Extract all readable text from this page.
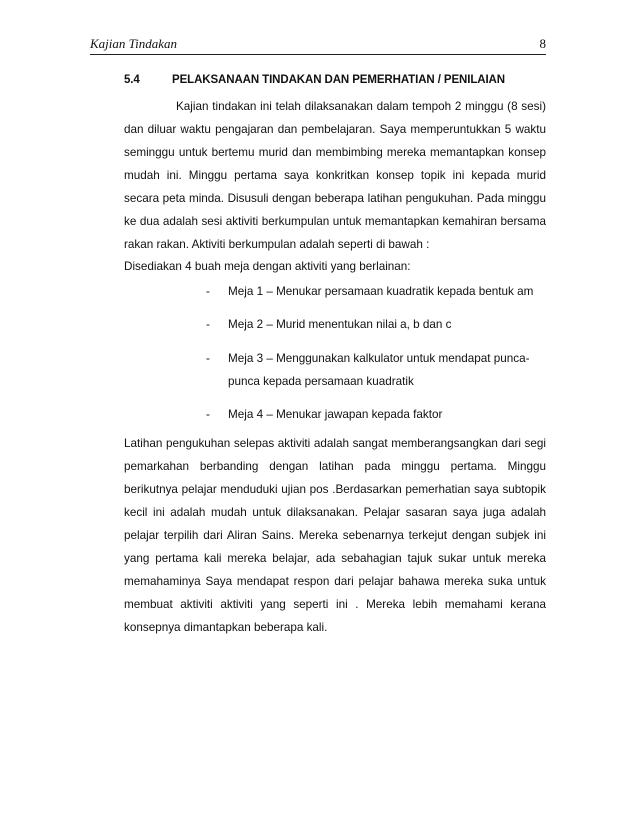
Kajian Tindakan	8
5.4	PELAKSANAAN TINDAKAN DAN PEMERHATIAN / PENILAIAN

Kajian tindakan ini telah dilaksanakan dalam tempoh 2 minggu (8 sesi) dan diluar waktu pengajaran dan pembelajaran. Saya memperuntukkan 5 waktu seminggu untuk bertemu murid dan membimbing mereka memantapkan konsep mudah ini. Minggu pertama saya konkritkan konsep topik ini kepada murid secara peta minda. Disusuli dengan beberapa latihan pengukuhan. Pada minggu ke dua adalah sesi aktiviti berkumpulan untuk memantapkan kemahiran bersama rakan rakan. Aktiviti berkumpulan adalah seperti di bawah :

Disediakan 4 buah meja dengan aktiviti yang berlainan:
- Meja 1 – Menukar persamaan kuadratik kepada bentuk am
- Meja 2 – Murid menentukan nilai a, b dan c
- Meja 3 – Menggunakan kalkulator untuk mendapat punca-punca kepada persamaan kuadratik
- Meja 4 – Menukar jawapan kepada faktor

Latihan pengukuhan selepas aktiviti adalah sangat memberangsangkan dari segi pemarkahan berbanding dengan latihan pada minggu pertama. Minggu berikutnya pelajar menduduki ujian pos .Berdasarkan pemerhatian saya subtopik kecil ini adalah mudah untuk dilaksanakan. Pelajar sasaran saya juga adalah pelajar terpilih dari Aliran Sains. Mereka sebenarnya terkejut dengan subjek ini yang pertama kali mereka belajar, ada sebahagian tajuk sukar untuk mereka memahaminya Saya mendapat respon dari pelajar bahawa mereka suka untuk membuat aktiviti aktiviti yang seperti ini . Mereka lebih memahami kerana konsepnya dimantapkan beberapa kali.
